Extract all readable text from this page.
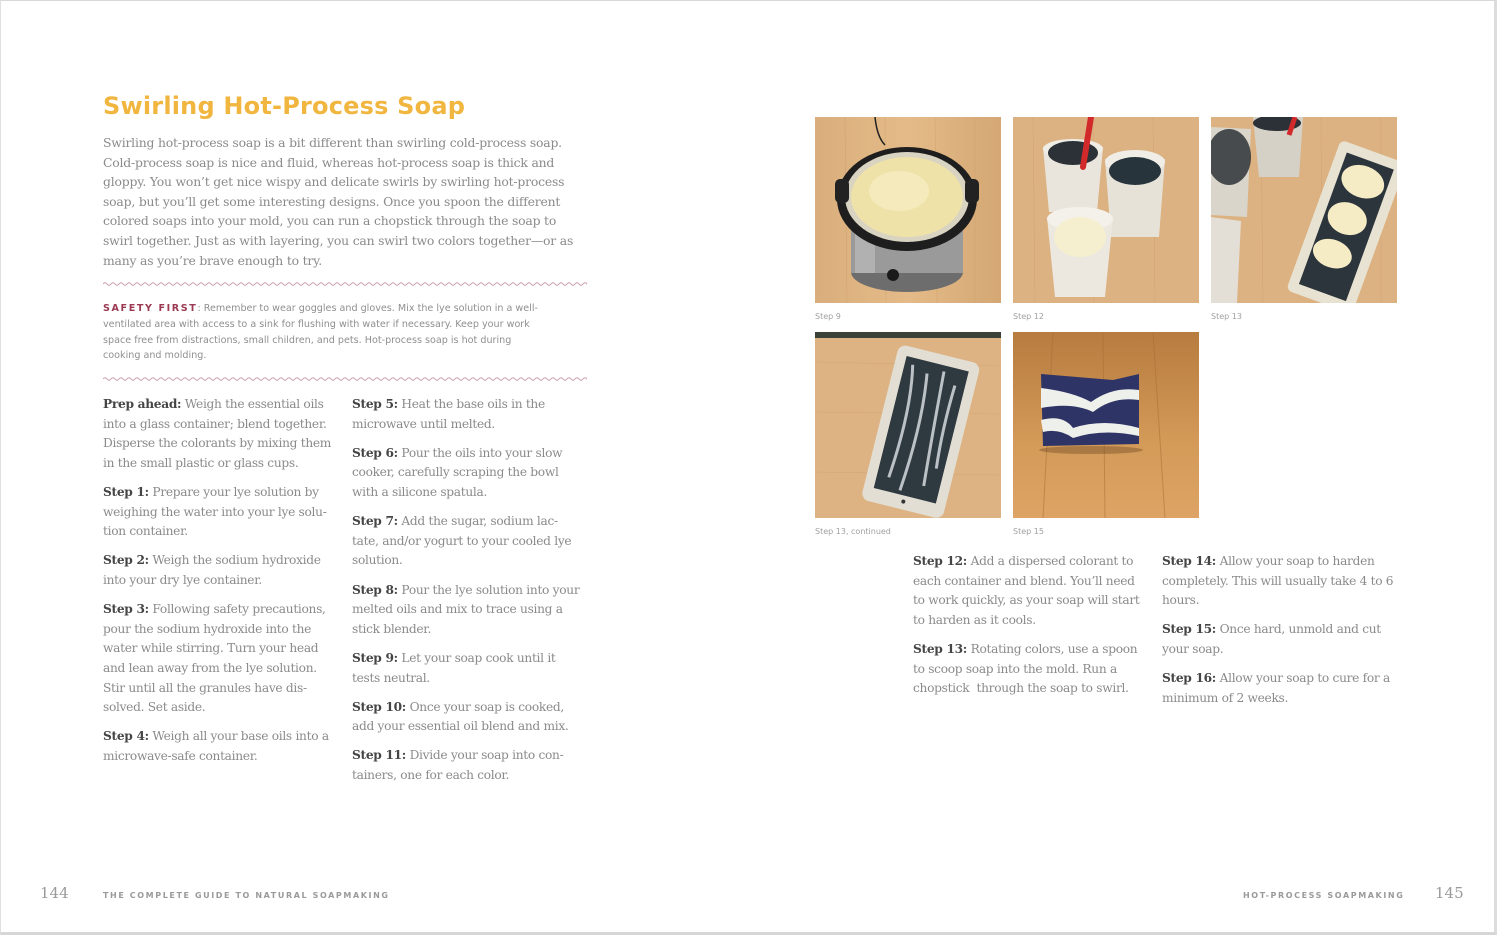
Swirling Hot-Process Soap

Swirling hot-process soap is a bit different than swirling cold-process soap. Cold-process soap is nice and fluid, whereas hot-process soap is thick and gloppy. You won’t get nice wispy and delicate swirls by swirling hot-process soap, but you’ll get some interesting designs. Once you spoon the different colored soaps into your mold, you can run a chopstick through the soap to swirl together. Just as with layering, you can swirl two colors together—or as many as you’re brave enough to try.

SAFETY FIRST: Remember to wear goggles and gloves. Mix the lye solution in a well-ventilated area with access to a sink for flushing with water if necessary. Keep your work space free from distractions, small children, and pets. Hot-process soap is hot during cooking and molding.

Prep ahead: Weigh the essential oils into a glass container; blend together. Disperse the colorants by mixing them in the small plastic or glass cups.

Step 1: Prepare your lye solution by weighing the water into your lye solu-tion container.

Step 2: Weigh the sodium hydroxide into your dry lye container.

Step 3: Following safety precautions, pour the sodium hydroxide into the water while stirring. Turn your head and lean away from the lye solution. Stir until all the granules have dis-solved. Set aside.

Step 4: Weigh all your base oils into a microwave-safe container.

Step 5: Heat the base oils in the microwave until melted.

Step 6: Pour the oils into your slow cooker, carefully scraping the bowl with a silicone spatula.

Step 7: Add the sugar, sodium lac-tate, and/or yogurt to your cooled lye solution.

Step 8: Pour the lye solution into your melted oils and mix to trace using a stick blender.

Step 9: Let your soap cook until it tests neutral.

Step 10: Once your soap is cooked, add your essential oil blend and mix.

Step 11: Divide your soap into con-tainers, one for each color.

144	THE COMPLETE GUIDE TO NATURAL SOAPMAKING
Step 9	Step 12	Step 13
Step 13, continued	Step 15

Step 12: Add a dispersed colorant to each container and blend. You’ll need to work quickly, as your soap will start to harden as it cools.

Step 13: Rotating colors, use a spoon to scoop soap into the mold. Run a chopstick  through the soap to swirl.

Step 14: Allow your soap to harden completely. This will usually take 4 to 6 hours.

Step 15: Once hard, unmold and cut your soap.

Step 16: Allow your soap to cure for a minimum of 2 weeks.

HOT-PROCESS SOAPMAKING 145
